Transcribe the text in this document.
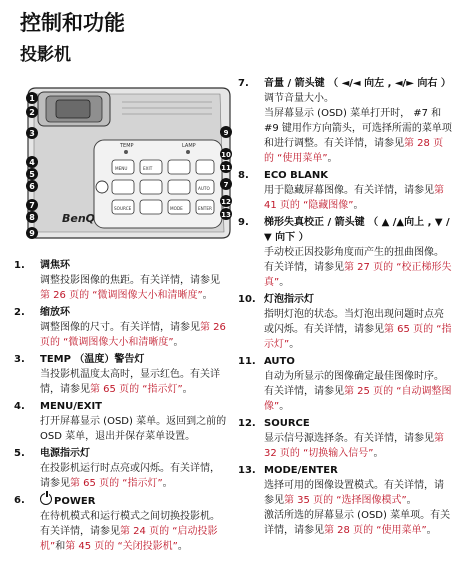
控制和功能
投影机
TEMP	LAMP
MENU	EXIT
MODE
AUTO
SOURCE	ENTER
BenQ
1
2
3
4
5
6
7
8
9
9
10
11
7
12
13
1.	调焦环
调整投影图像的焦距。有关详情，请参见第 26 页的 “微调图像大小和清晰度”。
2.	缩放环
调整图像的尺寸。有关详情，请参见第 26 页的 “微调图像大小和清晰度”。
3.	TEMP （温度）警告灯
当投影机温度太高时，显示红色。有关详情，请参见第 65 页的 “指示灯”。
4.	MENU/EXIT
打开屏幕显示 (OSD) 菜单。返回到之前的 OSD 菜单，退出并保存菜单设置。
5.	电源指示灯
在投影机运行时点亮或闪烁。有关详情，请参见第 65 页的 “指示灯”。
6.	POWER
在待机模式和运行模式之间切换投影机。有关详情，请参见第 24 页的 “启动投影机”和第 45 页的 “关闭投影机”。
7.	音量 / 箭头键 （ ◄/◄ 向左 , ◄/► 向右 ）
调节音量大小。
当屏幕显示 (OSD) 菜单打开时， #7 和 #9 键用作方向箭头，可选择所需的菜单项和进行调整。有关详情，请参见第 28 页的 “使用菜单”。
8.	ECO BLANK
用于隐藏屏幕图像。有关详情，请参见第 41 页的 “隐藏图像”。
9.	梯形失真校正 / 箭头键 （ ▲ /▲向上 , ▼ /▼ 向下 ）
手动校正因投影角度而产生的扭曲图像。有关详情，请参见第 27 页的 “校正梯形失真”。
10. 灯泡指示灯
指明灯泡的状态。当灯泡出现问题时点亮或闪烁。有关详情，请参见第 65 页的 “指示灯”。
11. AUTO
自动为所显示的图像确定最佳图像时序。有关详情，请参见第 25 页的 “自动调整图像”。
12. SOURCE
显示信号源选择条。有关详情，请参见第 32 页的 “切换输入信号”。
13. MODE/ENTER
选择可用的图像设置模式。有关详情，请参见第 35 页的 “选择图像模式”。
激活所选的屏幕显示 (OSD) 菜单项。有关详情，请参见第 28 页的 “使用菜单”。
